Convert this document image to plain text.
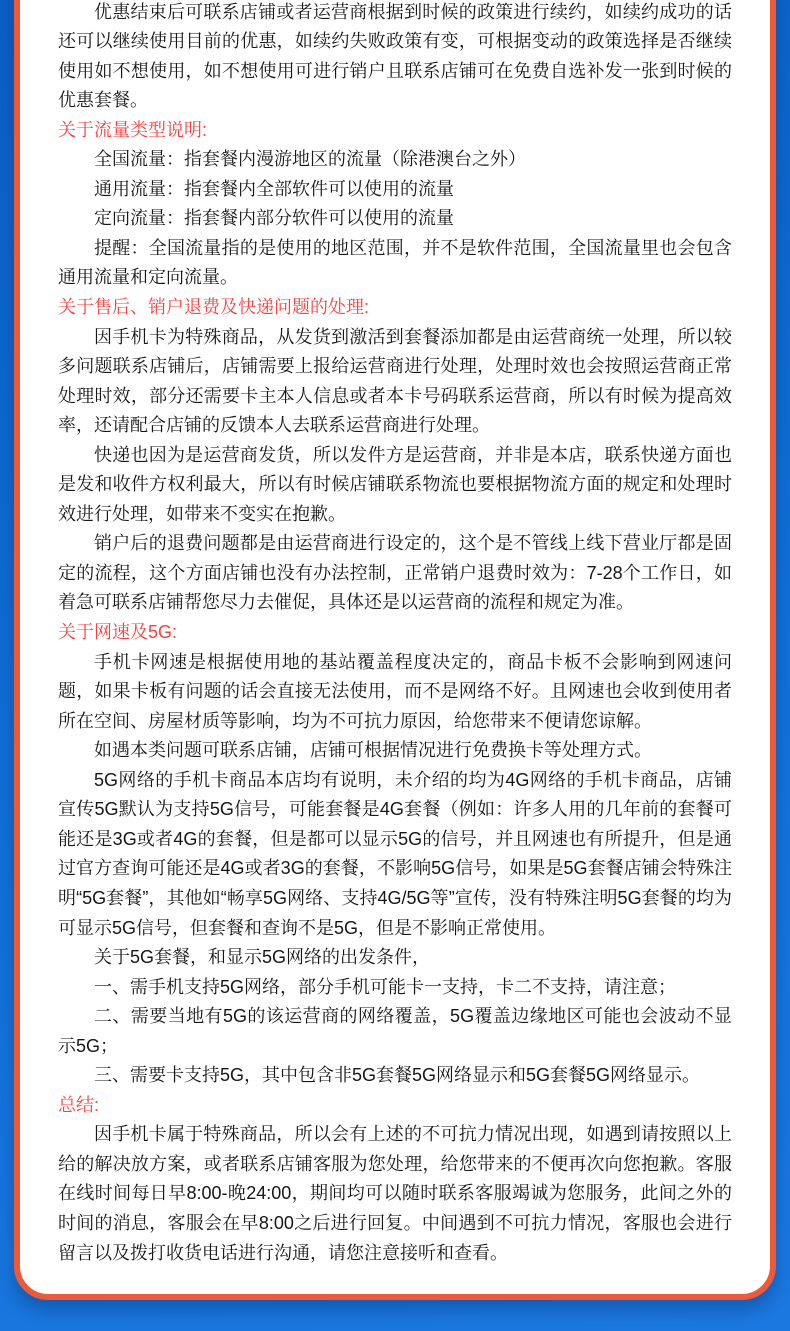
优惠结束后可联系店铺或者运营商根据到时候的政策进行续约，如续约成功的话还可以继续使用目前的优惠，如续约失败政策有变，可根据变动的政策选择是否继续使用如不想使用，如不想使用可进行销户且联系店铺可在免费自选补发一张到时候的优惠套餐。

关于流量类型说明:

全国流量：指套餐内漫游地区的流量（除港澳台之外）

通用流量：指套餐内全部软件可以使用的流量

定向流量：指套餐内部分软件可以使用的流量

提醒：全国流量指的是使用的地区范围，并不是软件范围，全国流量里也会包含通用流量和定向流量。

关于售后、销户退费及快递问题的处理:

因手机卡为特殊商品，从发货到激活到套餐添加都是由运营商统一处理，所以较多问题联系店铺后，店铺需要上报给运营商进行处理，处理时效也会按照运营商正常处理时效，部分还需要卡主本人信息或者本卡号码联系运营商，所以有时候为提高效率，还请配合店铺的反馈本人去联系运营商进行处理。

快递也因为是运营商发货，所以发件方是运营商，并非是本店，联系快递方面也是发和收件方权利最大，所以有时候店铺联系物流也要根据物流方面的规定和处理时效进行处理，如带来不变实在抱歉。

销户后的退费问题都是由运营商进行设定的，这个是不管线上线下营业厅都是固定的流程，这个方面店铺也没有办法控制，正常销户退费时效为：7-28个工作日，如着急可联系店铺帮您尽力去催促，具体还是以运营商的流程和规定为准。

关于网速及5G:

手机卡网速是根据使用地的基站覆盖程度决定的，商品卡板不会影响到网速问题，如果卡板有问题的话会直接无法使用，而不是网络不好。且网速也会收到使用者所在空间、房屋材质等影响，均为不可抗力原因，给您带来不便请您谅解。

如遇本类问题可联系店铺，店铺可根据情况进行免费换卡等处理方式。

5G网络的手机卡商品本店均有说明，未介绍的均为4G网络的手机卡商品，店铺宣传5G默认为支持5G信号，可能套餐是4G套餐（例如：许多人用的几年前的套餐可能还是3G或者4G的套餐，但是都可以显示5G的信号，并且网速也有所提升，但是通过官方查询可能还是4G或者3G的套餐，不影响5G信号，如果是5G套餐店铺会特殊注明“5G套餐”，其他如“畅享5G网络、支持4G/5G等”宣传，没有特殊注明5G套餐的均为可显示5G信号，但套餐和查询不是5G，但是不影响正常使用。

关于5G套餐，和显示5G网络的出发条件，

一、需手机支持5G网络，部分手机可能卡一支持，卡二不支持，请注意；

二、需要当地有5G的该运营商的网络覆盖，5G覆盖边缘地区可能也会波动不显示5G；

三、需要卡支持5G，其中包含非5G套餐5G网络显示和5G套餐5G网络显示。

总结:

因手机卡属于特殊商品，所以会有上述的不可抗力情况出现，如遇到请按照以上给的解决放方案，或者联系店铺客服为您处理，给您带来的不便再次向您抱歉。客服在线时间每日早8:00-晚24:00，期间均可以随时联系客服竭诚为您服务，此间之外的时间的消息，客服会在早8:00之后进行回复。中间遇到不可抗力情况，客服也会进行留言以及拨打收货电话进行沟通，请您注意接听和查看。
